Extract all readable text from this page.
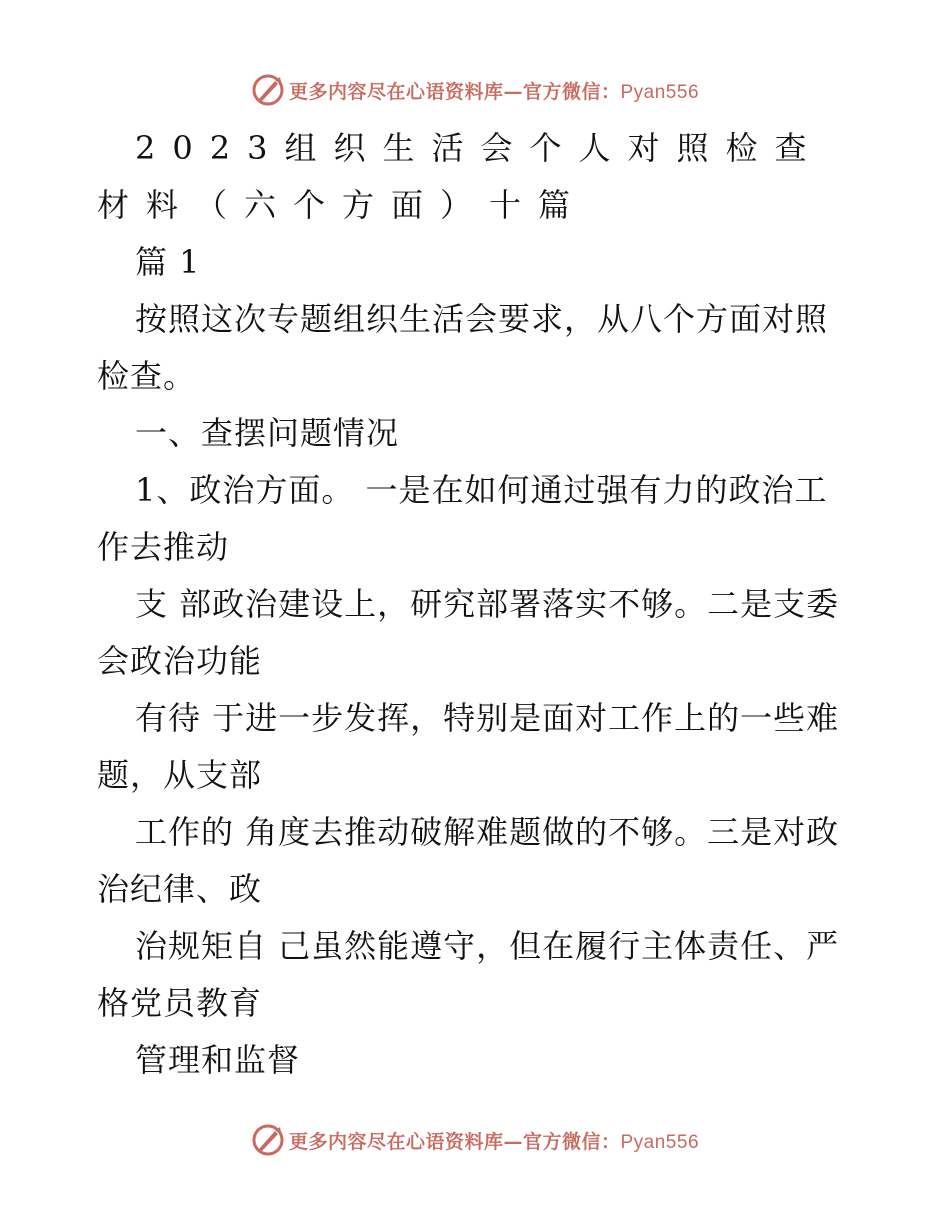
更多内容尽在心语资料库—官方微信：Pyan556
2023组织生活会个人对照检查材料（六个方面）十篇

篇 1

按照这次专题组织生活会要求，从八个方面对照检查。

一、查摆问题情况

1、政治方面。 一是在如何通过强有力的政治工作去推动

支 部政治建设上，研究部署落实不够。二是支委会政治功能

有待 于进一步发挥，特别是面对工作上的一些难题，从支部

工作的 角度去推动破解难题做的不够。三是对政治纪律、政

治规矩自 己虽然能遵守，但在履行主体责任、严格党员教育

管理和监督

更多内容尽在心语资料库—官方微信：Pyan556
